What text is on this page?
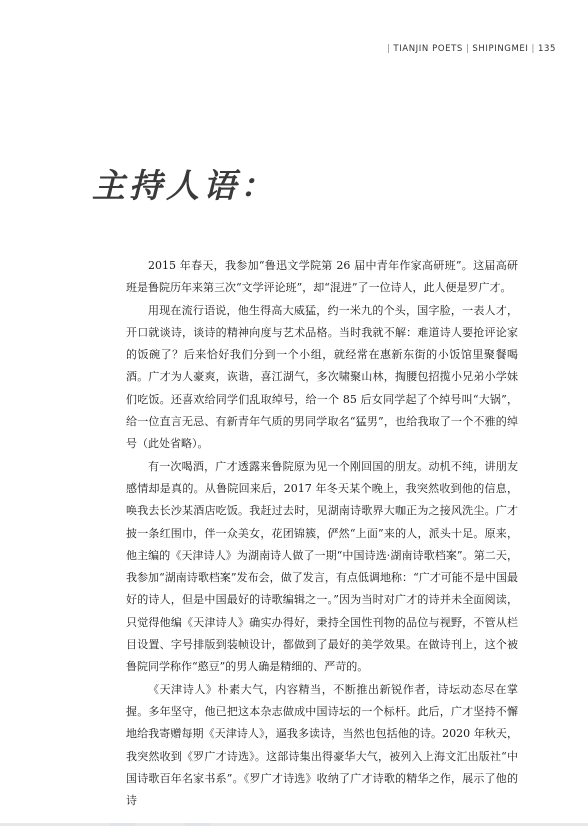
| TIANJIN POETS | SHIPINGMEI | 135
主持人语：

2015 年春天，我参加“鲁迅文学院第 26 届中青年作家高研班”。这届高研班是鲁院历年来第三次“文学评论班”，却“混进”了一位诗人，此人便是罗广才。

用现在流行语说，他生得高大威猛，约一米九的个头，国字脸，一表人才，开口就谈诗，谈诗的精神向度与艺术品格。当时我就不解：难道诗人要抢评论家的饭碗了？后来恰好我们分到一个小组，就经常在惠新东街的小饭馆里聚餐喝酒。广才为人豪爽，诙谐，喜江湖气，多次啸聚山林，掏腰包招揽小兄弟小学妹们吃饭。还喜欢给同学们乱取绰号，给一个 85 后女同学起了个绰号叫“大锅”，给一位直言无忌、有新青年气质的男同学取名“猛男”，也给我取了一个不雅的绰号（此处省略）。

有一次喝酒，广才透露来鲁院原为见一个刚回国的朋友。动机不纯，讲朋友感情却是真的。从鲁院回来后，2017 年冬天某个晚上，我突然收到他的信息，唤我去长沙某酒店吃饭。我赶过去时，见湖南诗歌界大咖正为之接风洗尘。广才披一条红围巾，伴一众美女，花团锦簇，俨然“上面”来的人，派头十足。原来，他主编的《天津诗人》为湖南诗人做了一期“中国诗选·湖南诗歌档案”。第二天，我参加“湖南诗歌档案”发布会，做了发言，有点低调地称：“广才可能不是中国最好的诗人，但是中国最好的诗歌编辑之一。”因为当时对广才的诗并未全面阅读，只觉得他编《天津诗人》确实办得好，秉持全国性刊物的品位与视野，不管从栏目设置、字号排版到装帧设计，都做到了最好的美学效果。在做诗刊上，这个被鲁院同学称作“憨豆”的男人确是精细的、严苛的。

《天津诗人》朴素大气，内容精当，不断推出新锐作者，诗坛动态尽在掌握。多年坚守，他已把这本杂志做成中国诗坛的一个标杆。此后，广才坚持不懈地给我寄赠每期《天津诗人》，逼我多读诗，当然也包括他的诗。2020 年秋天，我突然收到《罗广才诗选》。这部诗集出得豪华大气，被列入上海文汇出版社“中国诗歌百年名家书系”。《罗广才诗选》收纳了广才诗歌的精华之作，展示了他的诗
